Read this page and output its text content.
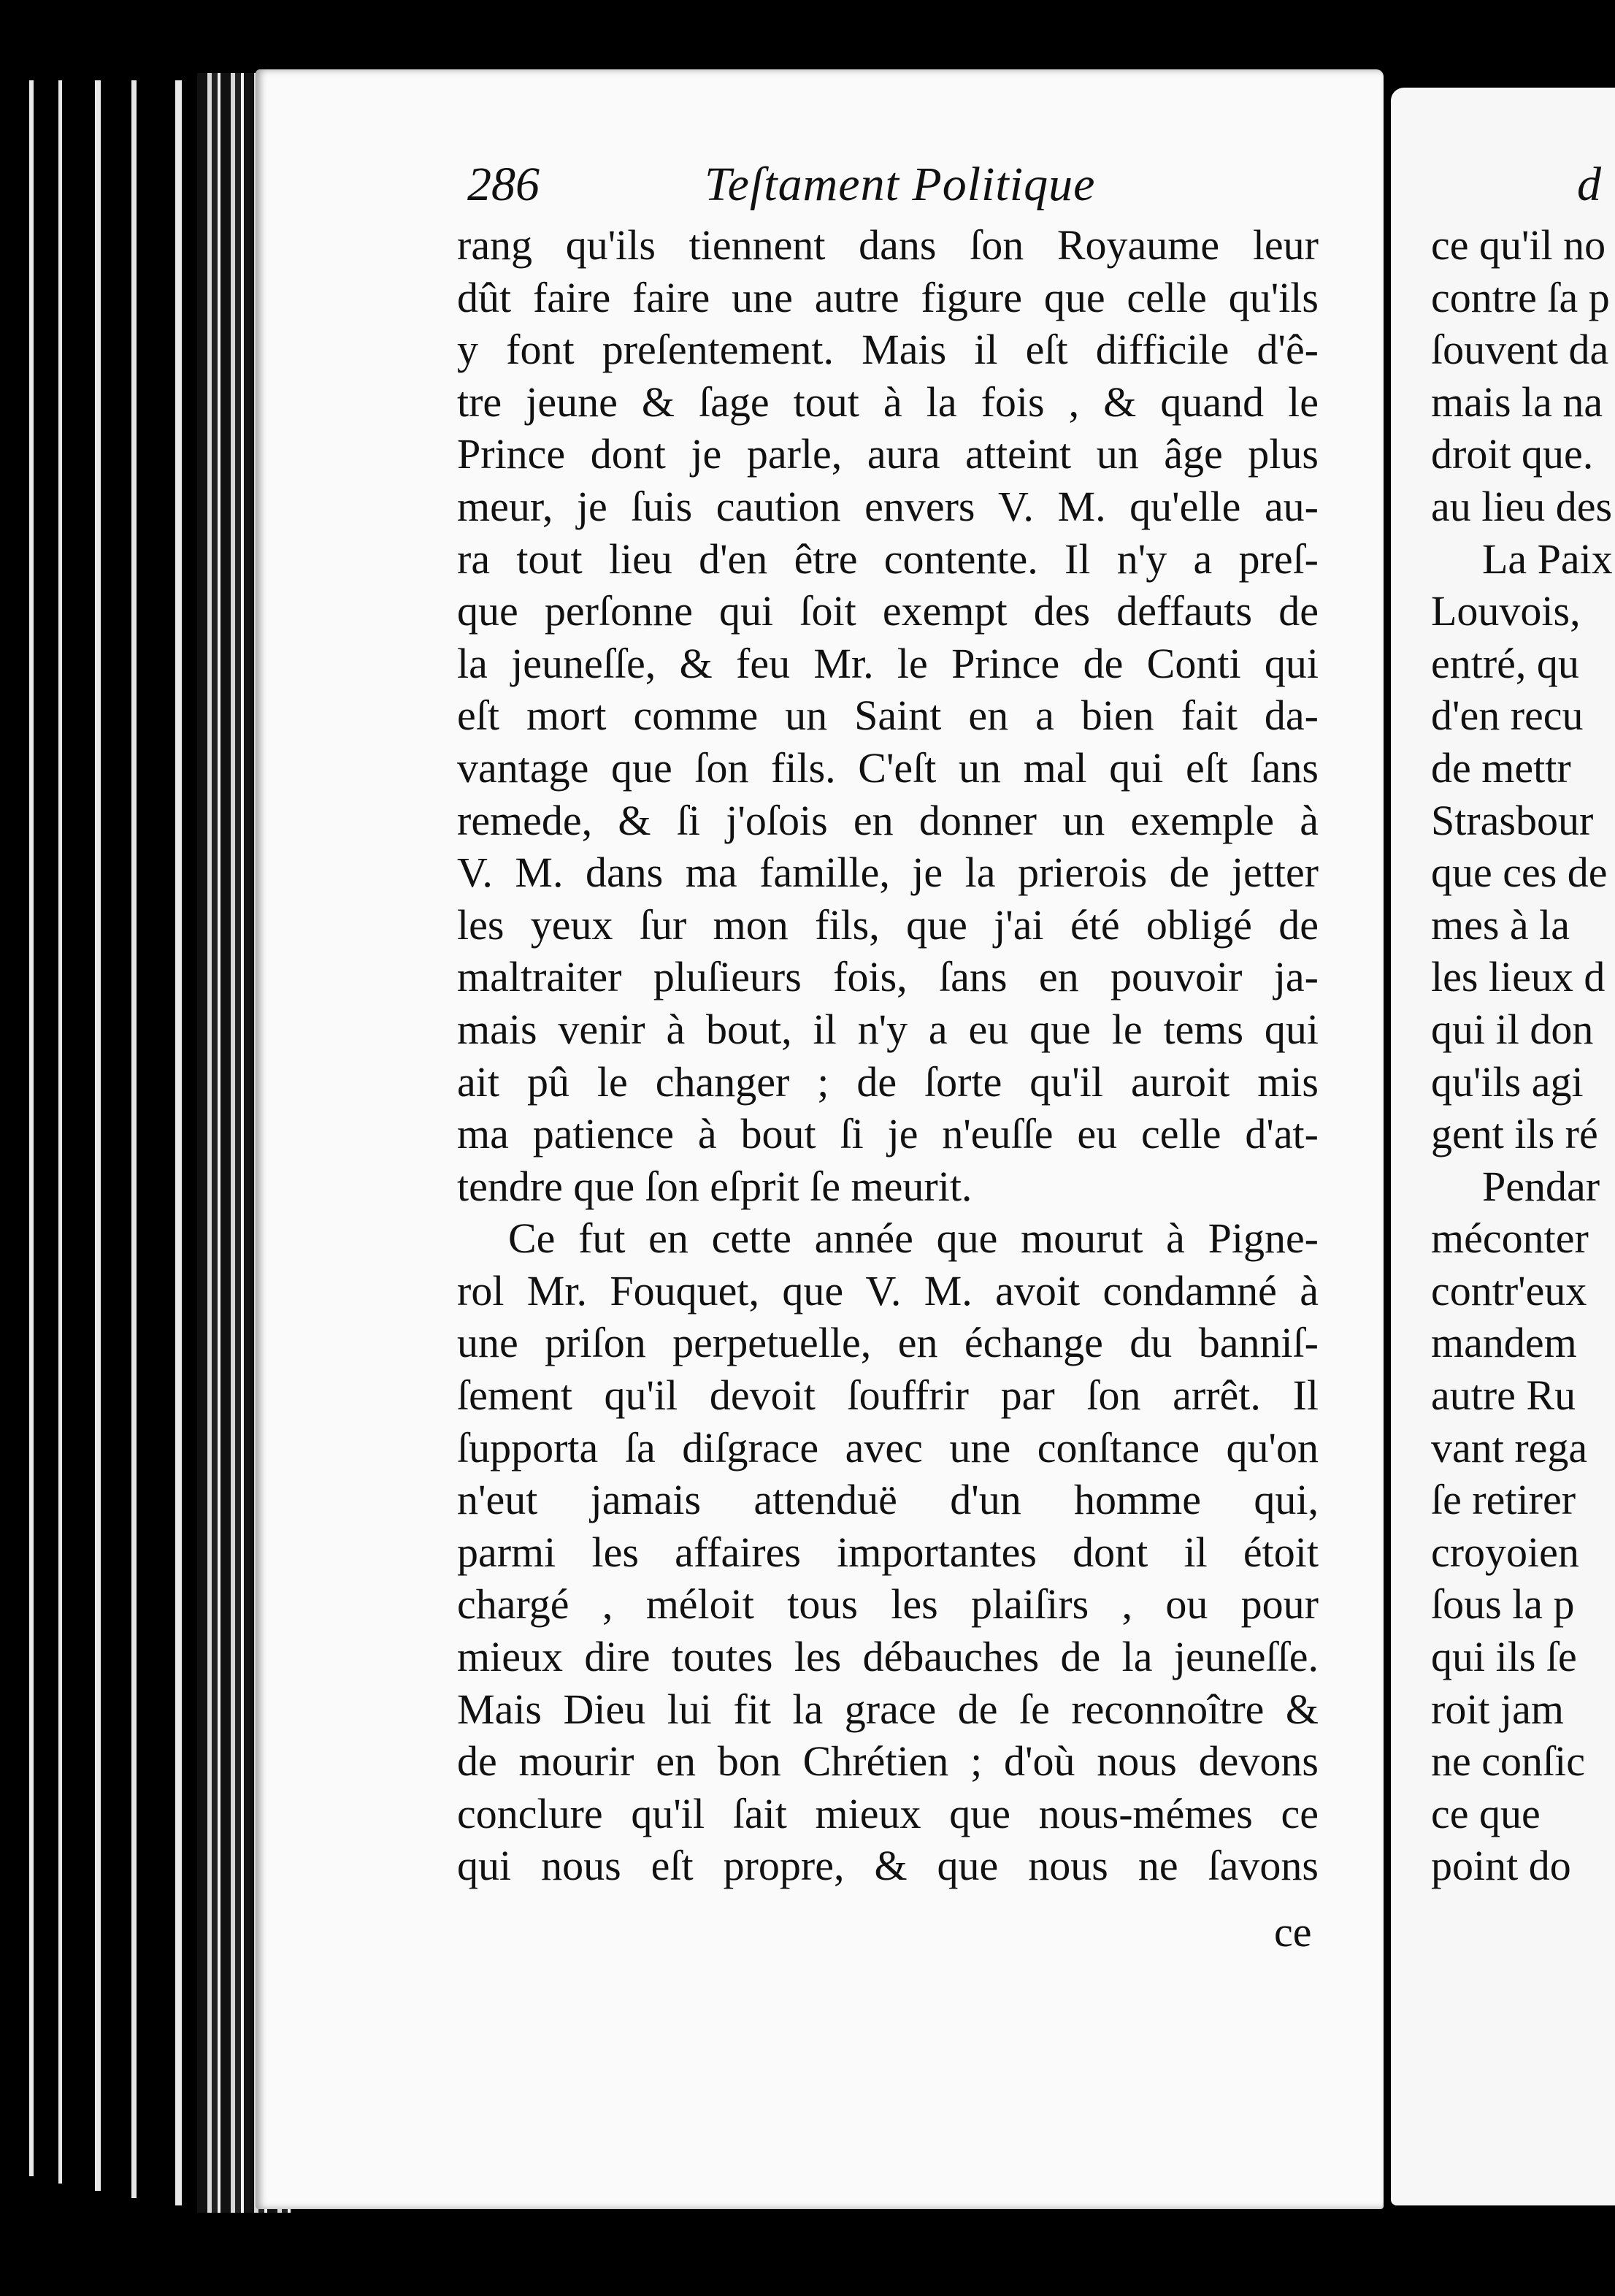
286	Teſtament Politique
rang qu'ils tiennent dans ſon Royaume leur
dût faire faire une autre figure que celle qu'ils
y font preſentement. Mais il eſt difficile d'ê-
tre jeune & ſage tout à la fois , & quand le
Prince dont je parle, aura atteint un âge plus
meur, je ſuis caution envers V. M. qu'elle au-
ra tout lieu d'en être contente. Il n'y a preſ-
que perſonne qui ſoit exempt des deffauts de
la jeuneſſe, & feu Mr. le Prince de Conti qui
eſt mort comme un Saint en a bien fait da-
vantage que ſon fils. C'eſt un mal qui eſt ſans
remede, & ſi j'oſois en donner un exemple à
V. M. dans ma famille, je la prierois de jetter
les yeux ſur mon fils, que j'ai été obligé de
maltraiter pluſieurs fois, ſans en pouvoir ja-
mais venir à bout, il n'y a eu que le tems qui
ait pû le changer ; de ſorte qu'il auroit mis
ma patience à bout ſi je n'euſſe eu celle d'at-
tendre que ſon eſprit ſe meurit.
Ce fut en cette année que mourut à Pigne-
rol Mr. Fouquet, que V. M. avoit condamné à
une priſon perpetuelle, en échange du banniſ-
ſement qu'il devoit ſouffrir par ſon arrêt. Il
ſupporta ſa diſgrace avec une conſtance qu'on
n'eut jamais attenduë d'un homme qui,
parmi les affaires importantes dont il étoit
chargé , méloit tous les plaiſirs , ou pour
mieux dire toutes les débauches de la jeuneſſe.
Mais Dieu lui fit la grace de ſe reconnoître &
de mourir en bon Chrétien ; d'où nous devons
conclure qu'il ſait mieux que nous-mémes ce
qui nous eſt propre, & que nous ne ſavons
ce
d
ce qu'il no
contre ſa p
ſouvent da
mais la na
droit que.
au lieu des
La Paix
Louvois,
entré, qu
d'en recu
de mettr
Strasbour
que ces de
mes à la
les lieux d
qui il don
qu'ils agi
gent ils ré
Pendar
méconter
contr'eux
mandem
autre Ru
vant rega
ſe retirer
croyoien
ſous la p
qui ils ſe
roit jam
ne conſic
ce que
point do
